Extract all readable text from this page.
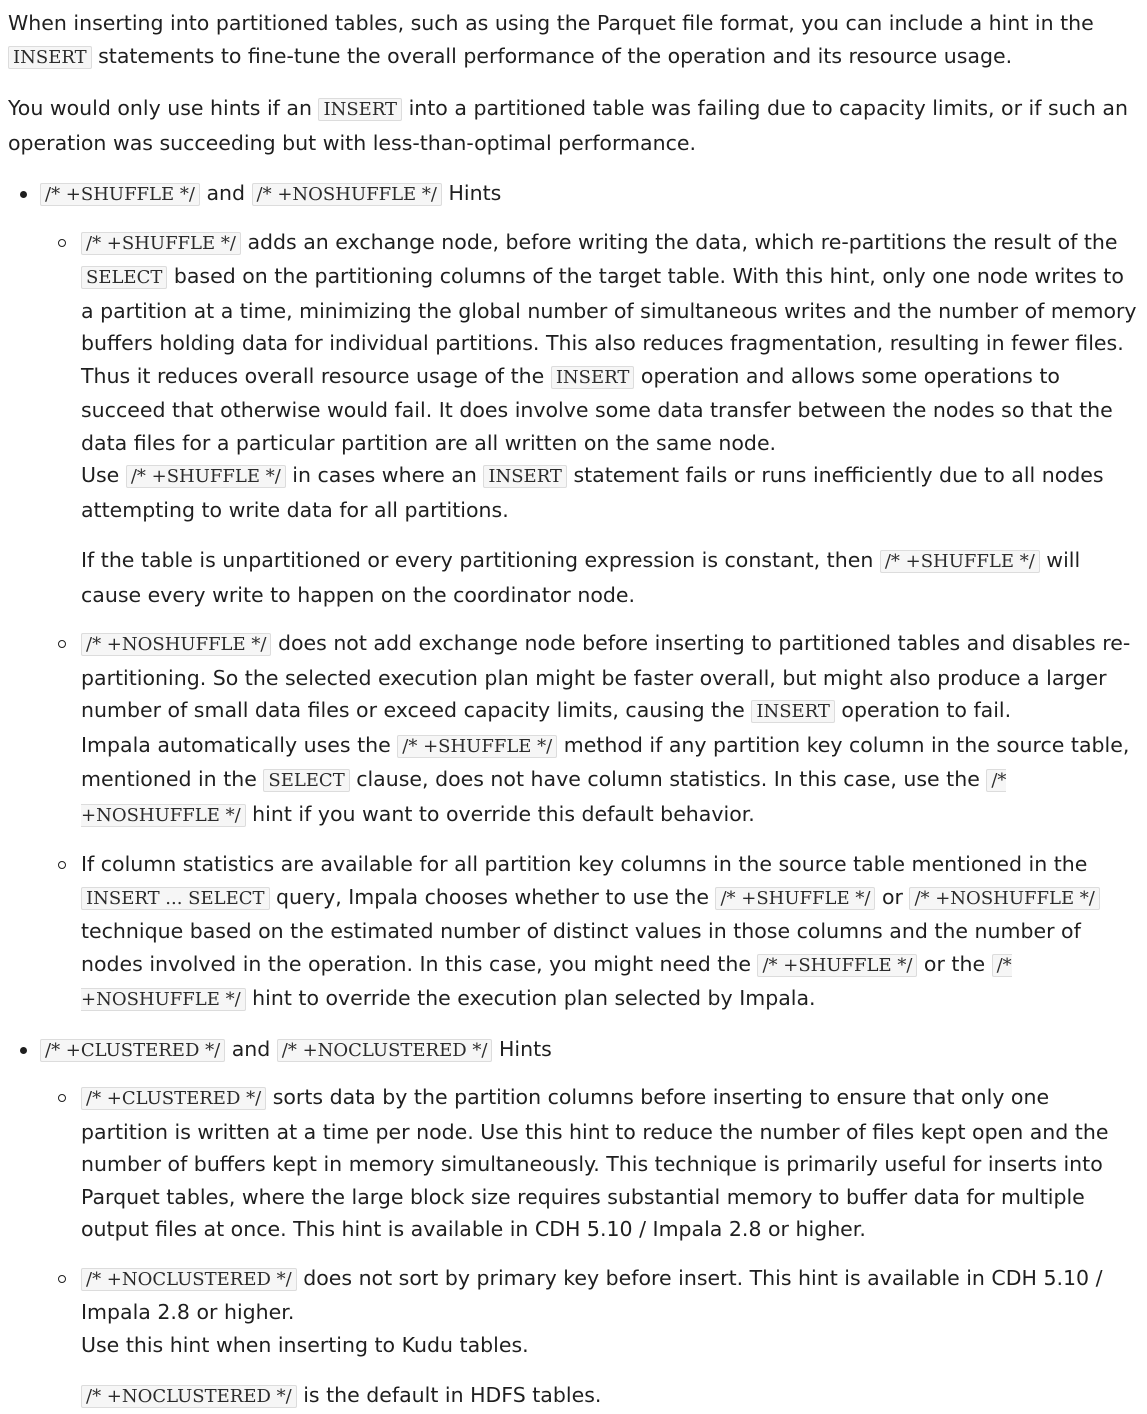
When inserting into partitioned tables, such as using the Parquet file format, you can include a hint in the INSERT statements to fine-tune the overall performance of the operation and its resource usage.

You would only use hints if an INSERT into a partitioned table was failing due to capacity limits, or if such an operation was succeeding but with less-than-optimal performance.

/* +SHUFFLE */ and /* +NOSHUFFLE */ Hints
/* +SHUFFLE */ adds an exchange node, before writing the data, which re-partitions the result of the SELECT based on the partitioning columns of the target table. With this hint, only one node writes to a partition at a time, minimizing the global number of simultaneous writes and the number of memory buffers holding data for individual partitions. This also reduces fragmentation, resulting in fewer files. Thus it reduces overall resource usage of the INSERT operation and allows some operations to succeed that otherwise would fail. It does involve some data transfer between the nodes so that the data files for a particular partition are all written on the same node.
Use /* +SHUFFLE */ in cases where an INSERT statement fails or runs inefficiently due to all nodes attempting to write data for all partitions.
If the table is unpartitioned or every partitioning expression is constant, then /* +SHUFFLE */ will cause every write to happen on the coordinator node.
/* +NOSHUFFLE */ does not add exchange node before inserting to partitioned tables and disables re-partitioning. So the selected execution plan might be faster overall, but might also produce a larger number of small data files or exceed capacity limits, causing the INSERT operation to fail.
Impala automatically uses the /* +SHUFFLE */ method if any partition key column in the source table, mentioned in the SELECT clause, does not have column statistics. In this case, use the /* +NOSHUFFLE */ hint if you want to override this default behavior.
If column statistics are available for all partition key columns in the source table mentioned in the INSERT ... SELECT query, Impala chooses whether to use the /* +SHUFFLE */ or /* +NOSHUFFLE */ technique based on the estimated number of distinct values in those columns and the number of nodes involved in the operation. In this case, you might need the /* +SHUFFLE */ or the /* +NOSHUFFLE */ hint to override the execution plan selected by Impala.
/* +CLUSTERED */ and /* +NOCLUSTERED */ Hints
/* +CLUSTERED */ sorts data by the partition columns before inserting to ensure that only one partition is written at a time per node. Use this hint to reduce the number of files kept open and the number of buffers kept in memory simultaneously. This technique is primarily useful for inserts into Parquet tables, where the large block size requires substantial memory to buffer data for multiple output files at once. This hint is available in CDH 5.10 / Impala 2.8 or higher.
/* +NOCLUSTERED */ does not sort by primary key before insert. This hint is available in CDH 5.10 / Impala 2.8 or higher.
Use this hint when inserting to Kudu tables.
/* +NOCLUSTERED */ is the default in HDFS tables.
